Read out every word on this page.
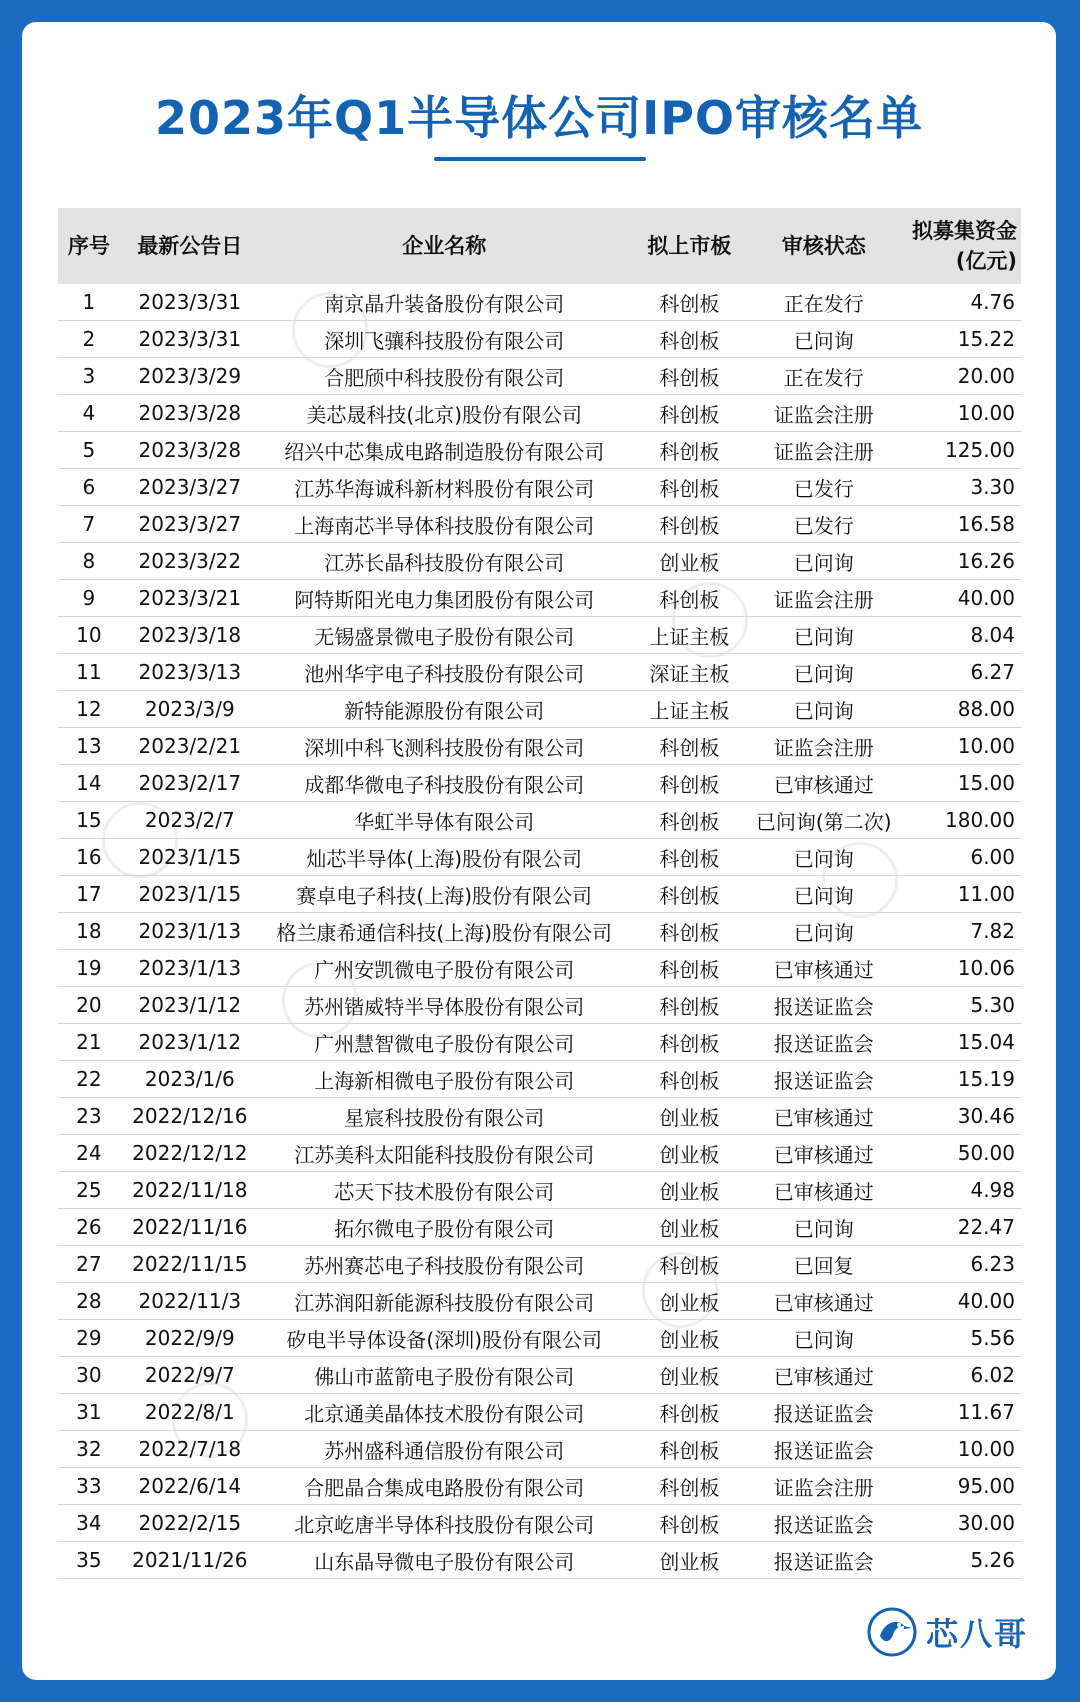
2023年Q1半导体公司IPO审核名单
序号	最新公告日	企业名称	拟上市板	审核状态	拟募集资金(亿元)
1	2023/3/31	南京晶升装备股份有限公司	科创板	正在发行	4.76
2	2023/3/31	深圳飞骧科技股份有限公司	科创板	已问询	15.22
3	2023/3/29	合肥颀中科技股份有限公司	科创板	正在发行	20.00
4	2023/3/28	美芯晟科技(北京)股份有限公司	科创板	证监会注册	10.00
5	2023/3/28	绍兴中芯集成电路制造股份有限公司	科创板	证监会注册	125.00
6	2023/3/27	江苏华海诚科新材料股份有限公司	科创板	已发行	3.30
7	2023/3/27	上海南芯半导体科技股份有限公司	科创板	已发行	16.58
8	2023/3/22	江苏长晶科技股份有限公司	创业板	已问询	16.26
9	2023/3/21	阿特斯阳光电力集团股份有限公司	科创板	证监会注册	40.00
10	2023/3/18	无锡盛景微电子股份有限公司	上证主板	已问询	8.04
11	2023/3/13	池州华宇电子科技股份有限公司	深证主板	已问询	6.27
12	2023/3/9	新特能源股份有限公司	上证主板	已问询	88.00
13	2023/2/21	深圳中科飞测科技股份有限公司	科创板	证监会注册	10.00
14	2023/2/17	成都华微电子科技股份有限公司	科创板	已审核通过	15.00
15	2023/2/7	华虹半导体有限公司	科创板	已问询(第二次)	180.00
16	2023/1/15	灿芯半导体(上海)股份有限公司	科创板	已问询	6.00
17	2023/1/15	赛卓电子科技(上海)股份有限公司	科创板	已问询	11.00
18	2023/1/13	格兰康希通信科技(上海)股份有限公司	科创板	已问询	7.82
19	2023/1/13	广州安凯微电子股份有限公司	科创板	已审核通过	10.06
20	2023/1/12	苏州锴威特半导体股份有限公司	科创板	报送证监会	5.30
21	2023/1/12	广州慧智微电子股份有限公司	科创板	报送证监会	15.04
22	2023/1/6	上海新相微电子股份有限公司	科创板	报送证监会	15.19
23	2022/12/16	星宸科技股份有限公司	创业板	已审核通过	30.46
24	2022/12/12	江苏美科太阳能科技股份有限公司	创业板	已审核通过	50.00
25	2022/11/18	芯天下技术股份有限公司	创业板	已审核通过	4.98
26	2022/11/16	拓尔微电子股份有限公司	创业板	已问询	22.47
27	2022/11/15	苏州赛芯电子科技股份有限公司	科创板	已回复	6.23
28	2022/11/3	江苏润阳新能源科技股份有限公司	创业板	已审核通过	40.00
29	2022/9/9	矽电半导体设备(深圳)股份有限公司	创业板	已问询	5.56
30	2022/9/7	佛山市蓝箭电子股份有限公司	创业板	已审核通过	6.02
31	2022/8/1	北京通美晶体技术股份有限公司	科创板	报送证监会	11.67
32	2022/7/18	苏州盛科通信股份有限公司	科创板	报送证监会	10.00
33	2022/6/14	合肥晶合集成电路股份有限公司	科创板	证监会注册	95.00
34	2022/2/15	北京屹唐半导体科技股份有限公司	科创板	报送证监会	30.00
35	2021/11/26	山东晶导微电子股份有限公司	创业板	报送证监会	5.26
芯八哥
